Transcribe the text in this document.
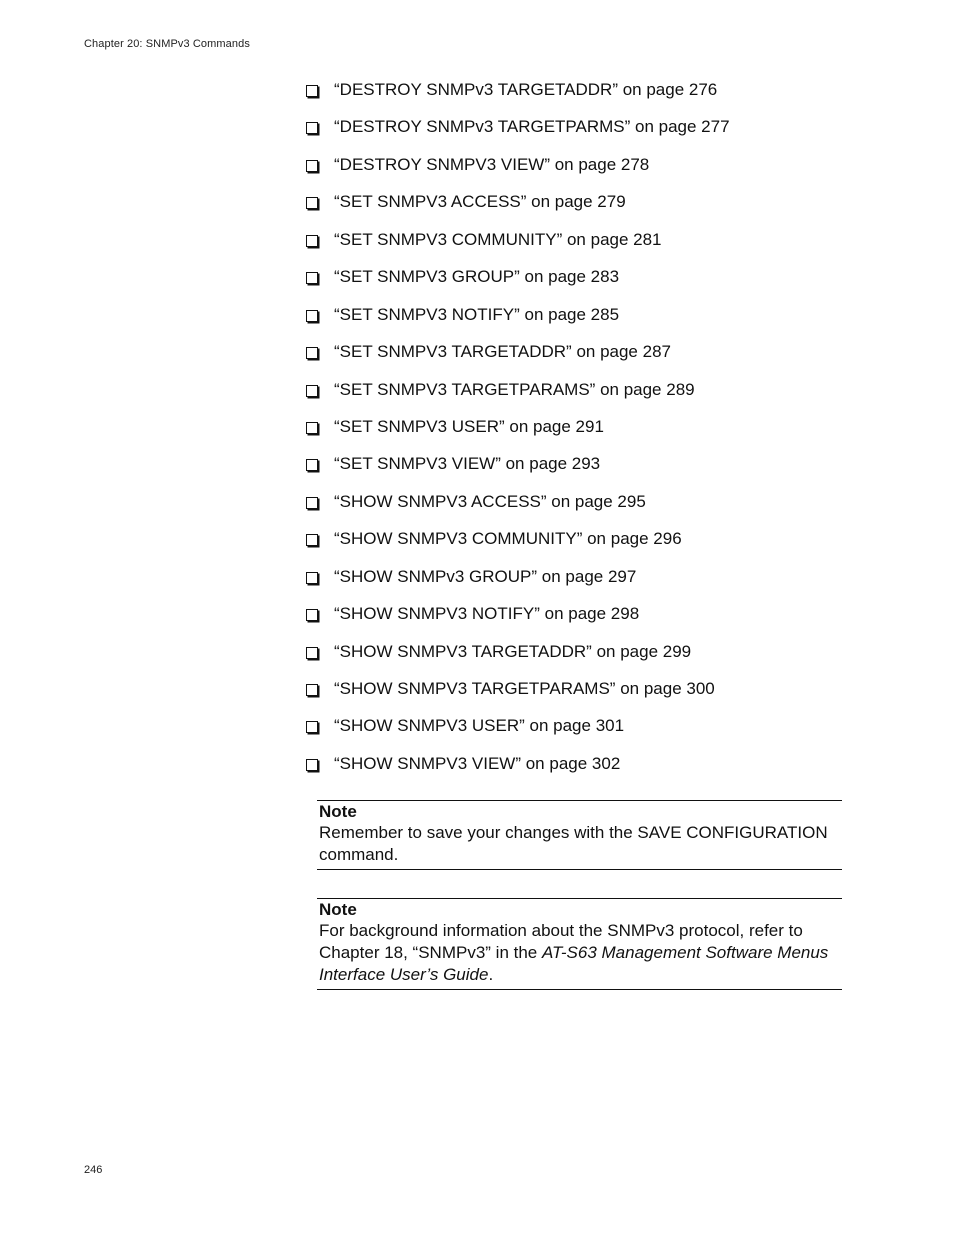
Chapter 20: SNMPv3 Commands
“DESTROY SNMPv3 TARGETADDR” on page 276
“DESTROY SNMPv3 TARGETPARMS” on page 277
“DESTROY SNMPV3 VIEW” on page 278
“SET SNMPV3 ACCESS” on page 279
“SET SNMPV3 COMMUNITY” on page 281
“SET SNMPV3 GROUP” on page 283
“SET SNMPV3 NOTIFY” on page 285
“SET SNMPV3 TARGETADDR” on page 287
“SET SNMPV3 TARGETPARAMS” on page 289
“SET SNMPV3 USER” on page 291
“SET SNMPV3 VIEW” on page 293
“SHOW SNMPV3 ACCESS” on page 295
“SHOW SNMPV3 COMMUNITY” on page 296
“SHOW SNMPv3 GROUP” on page 297
“SHOW SNMPV3 NOTIFY” on page 298
“SHOW SNMPV3 TARGETADDR” on page 299
“SHOW SNMPV3 TARGETPARAMS” on page 300
“SHOW SNMPV3 USER” on page 301
“SHOW SNMPV3 VIEW” on page 302
Note

Remember to save your changes with the SAVE CONFIGURATION command.

Note

For background information about the SNMPv3 protocol, refer to Chapter 18, “SNMPv3” in the AT-S63 Management Software Menus Interface User’s Guide.

246
